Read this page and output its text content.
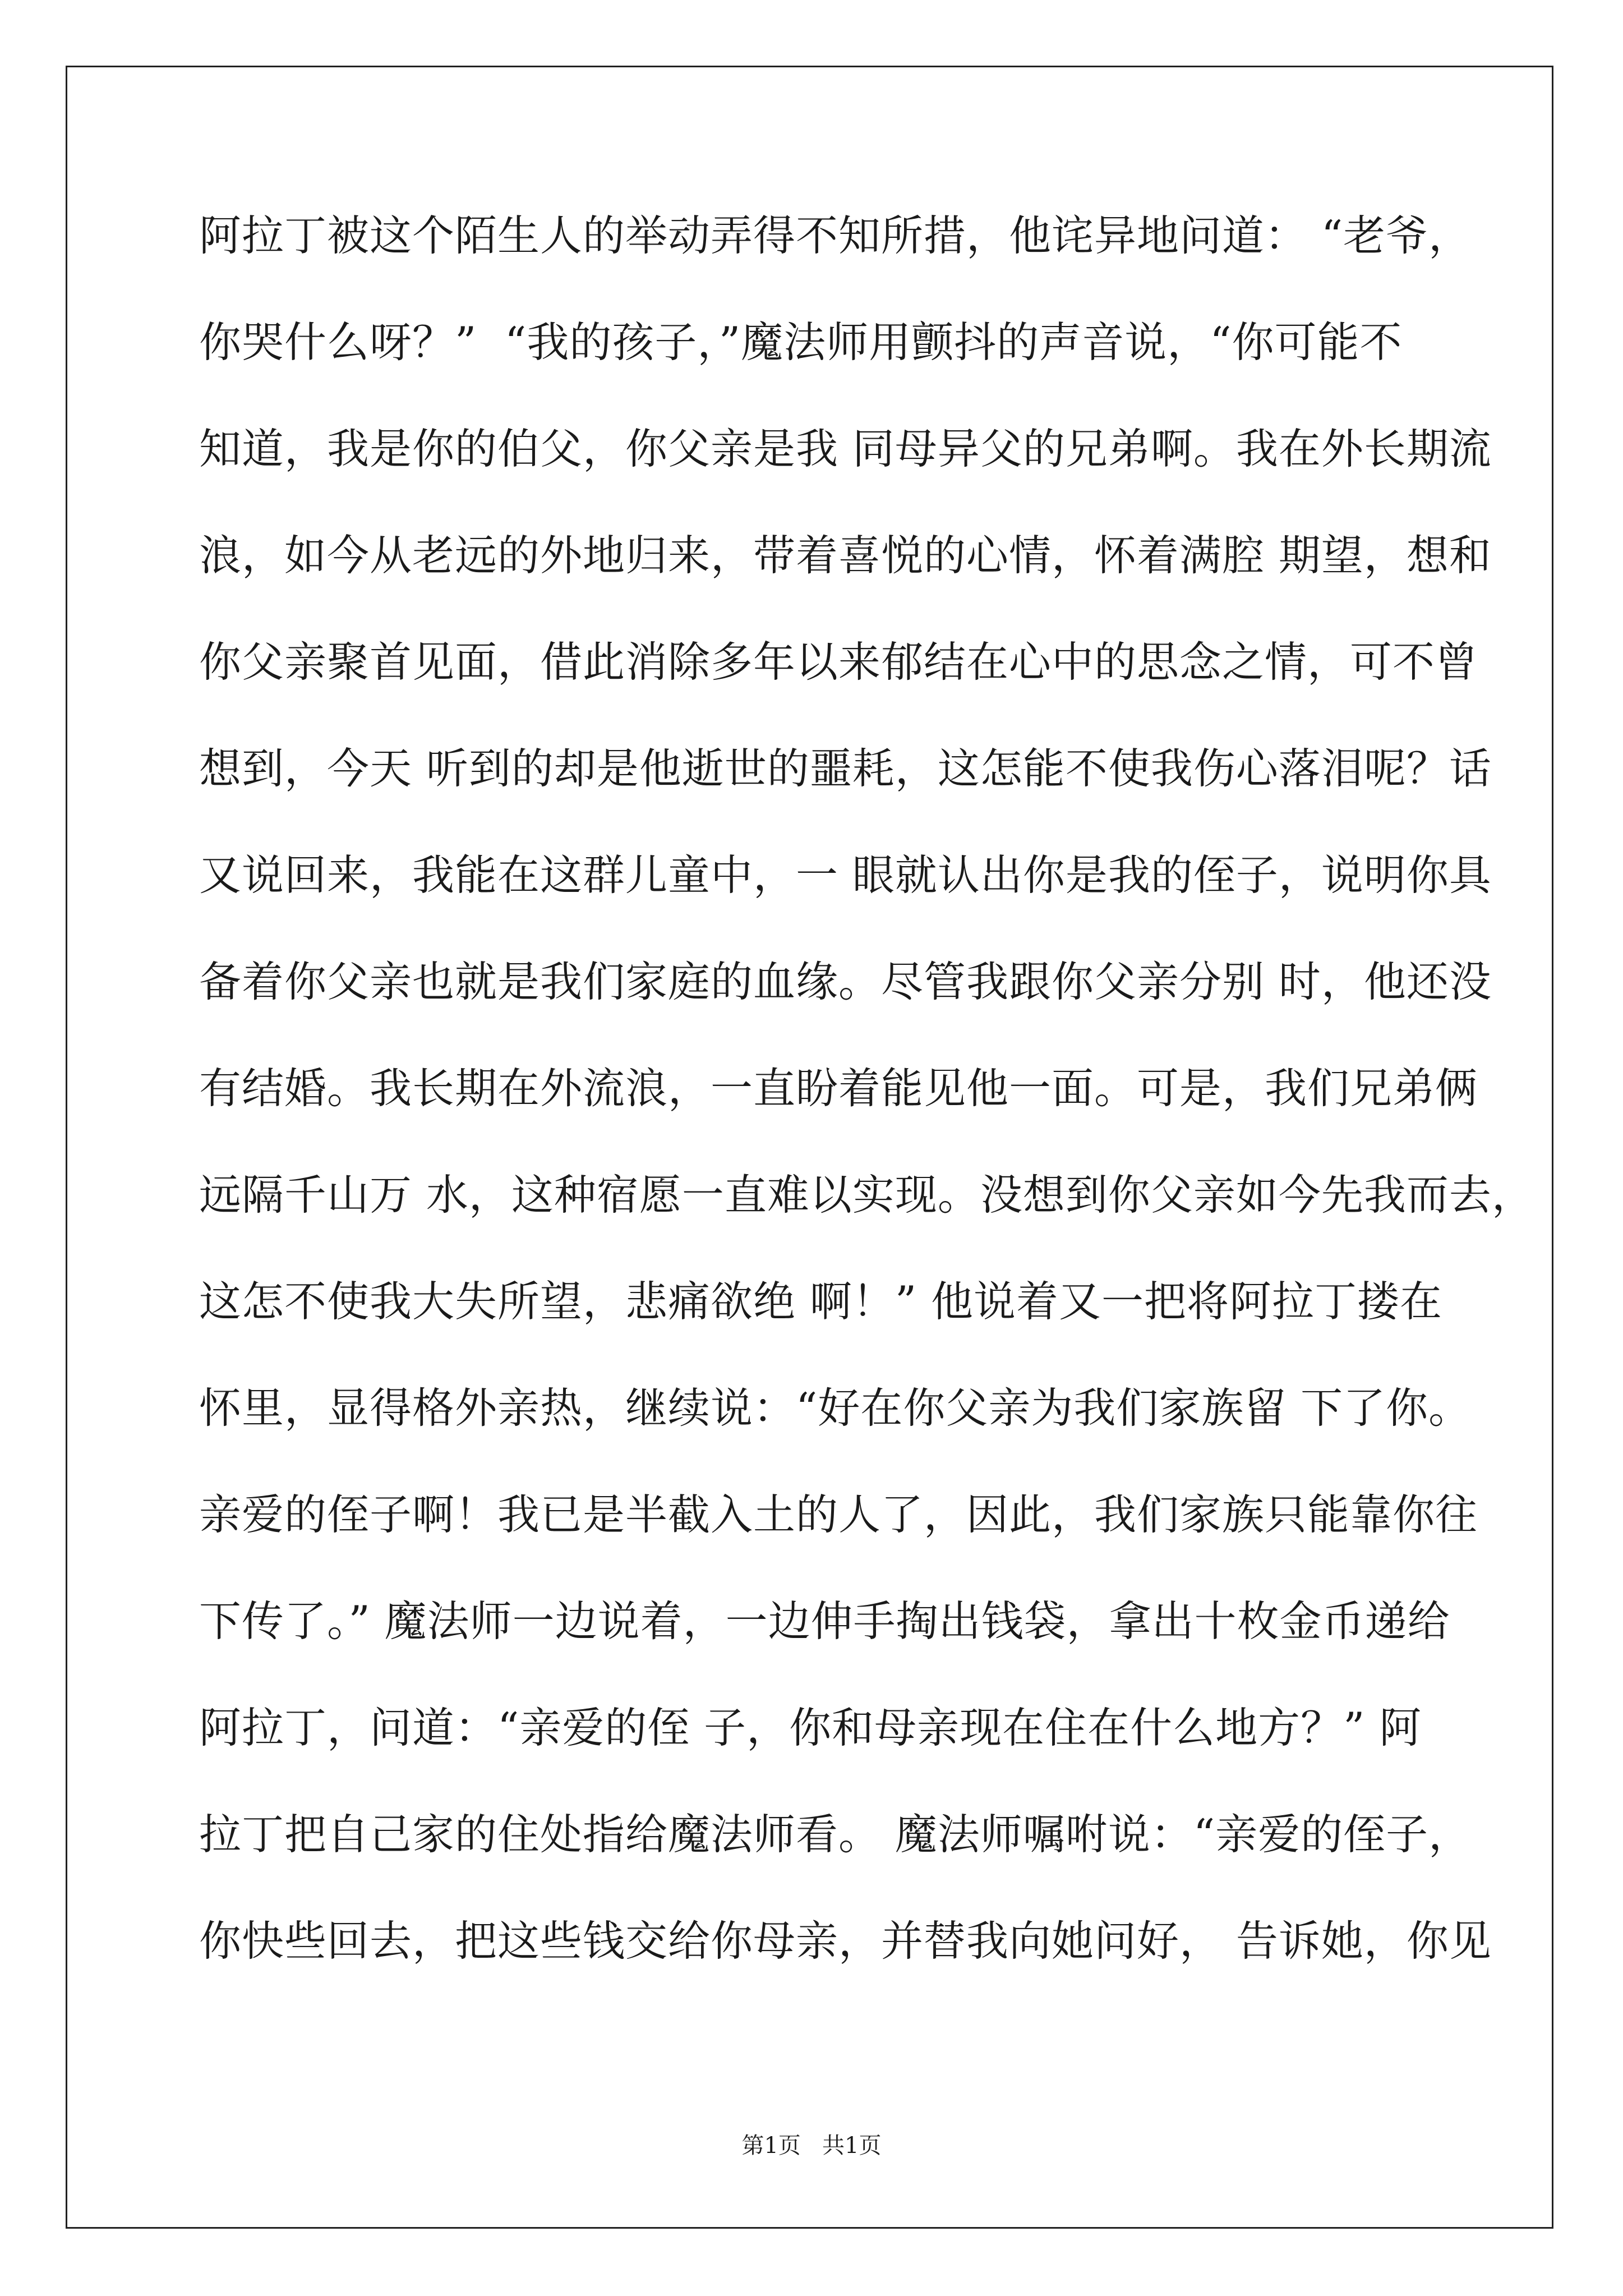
阿拉丁被这个陌生人的举动弄得不知所措，他诧异地问道： “老爷，
你哭什么呀？”  “我的孩子，”魔法师用颤抖的声音说，“你可能不
知道，我是你的伯父，你父亲是我 同母异父的兄弟啊。我在外长期流
浪，如今从老远的外地归来，带着喜悦的心情，怀着满腔 期望，想和
你父亲聚首见面，借此消除多年以来郁结在心中的思念之情，可不曾
想到，今天 听到的却是他逝世的噩耗，这怎能不使我伤心落泪呢？话
又说回来，我能在这群儿童中，一 眼就认出你是我的侄子，说明你具
备着你父亲也就是我们家庭的血缘。尽管我跟你父亲分别 时，他还没
有结婚。我长期在外流浪，一直盼着能见他一面。可是，我们兄弟俩
远隔千山万 水，这种宿愿一直难以实现。没想到你父亲如今先我而去，
这怎不使我大失所望，悲痛欲绝 啊！” 他说着又一把将阿拉丁搂在
怀里，显得格外亲热，继续说：“好在你父亲为我们家族留 下了你。
亲爱的侄子啊！我已是半截入土的人了，因此，我们家族只能靠你往
下传了。” 魔法师一边说着，一边伸手掏出钱袋，拿出十枚金币递给
阿拉丁，问道：“亲爱的侄 子，你和母亲现在住在什么地方？” 阿
拉丁把自己家的住处指给魔法师看。 魔法师嘱咐说：“亲爱的侄子，
你快些回去，把这些钱交给你母亲，并替我向她问好， 告诉她，你见
第1页   共1页
